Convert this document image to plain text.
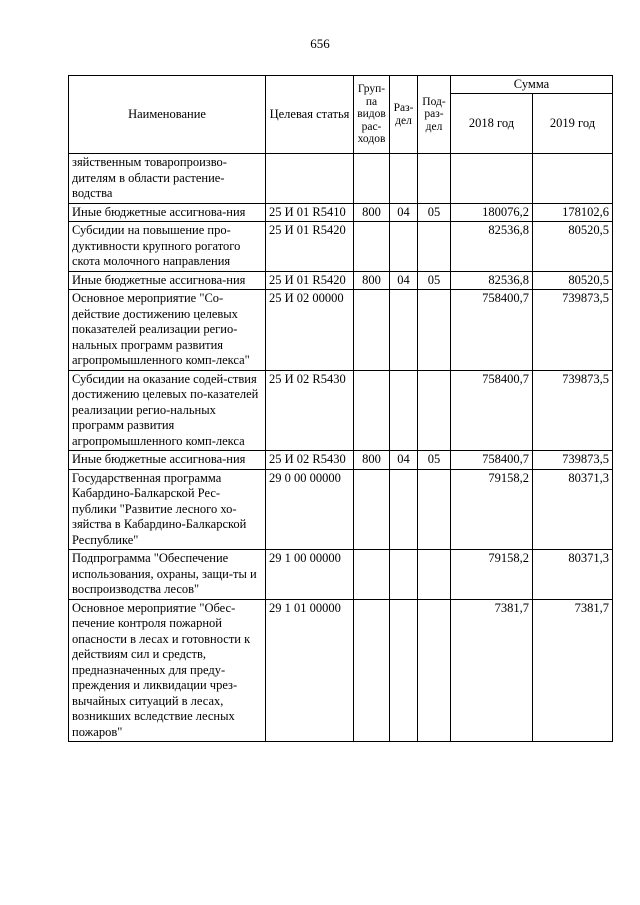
656
Наименование	Целевая статья	Груп-па видов рас-ходов	Раз-дел	Под-раз-дел	Сумма	
					2018 год	2019 год
зяйственным товаропроизво-дителям в области растение-водства						
Иные бюджетные ассигнова-ния	25 И 01 R5410	800	04	05	180076,2	178102,6
Субсидии на повышение про-дуктивности крупного рогатого скота молочного направления	25 И 01 R5420				82536,8	80520,5
Иные бюджетные ассигнова-ния	25 И 01 R5420	800	04	05	82536,8	80520,5
Основное мероприятие "Со-действие достижению целевых показателей реализации регио-нальных программ развития агропромышленного комп-лекса"	25 И 02 00000				758400,7	739873,5
Субсидии на оказание содей-ствия достижению целевых по-казателей реализации регио-нальных программ развития агропромышленного комп-лекса	25 И 02 R5430				758400,7	739873,5
Иные бюджетные ассигнова-ния	25 И 02 R5430	800	04	05	758400,7	739873,5
Государственная программа Кабардино-Балкарской Рес-публики "Развитие лесного хо-зяйства в Кабардино-Балкарской Республике"	29 0 00 00000				79158,2	80371,3
Подпрограмма "Обеспечение использования, охраны, защи-ты и воспроизводства лесов"	29 1 00 00000				79158,2	80371,3
Основное мероприятие "Обес-печение контроля пожарной опасности в лесах и готовности к действиям сил и средств, предназначенных для преду-преждения и ликвидации чрез-вычайных ситуаций в лесах, возникших вследствие лесных пожаров"	29 1 01 00000				7381,7	7381,7
